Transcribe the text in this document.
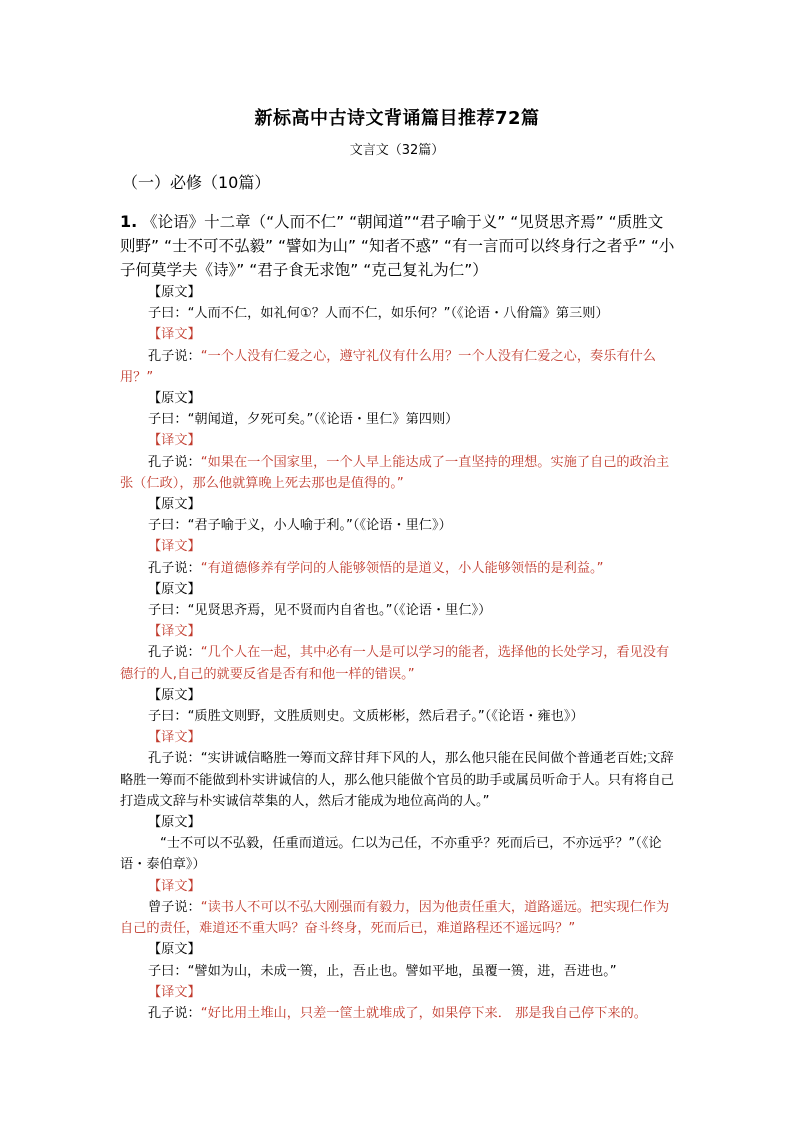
新标高中古诗文背诵篇目推荐72篇
文言文（32篇）
（一）必修（10篇）

1. 《论语》十二章（“人而不仁” “朝闻道”“君子喻于义” “见贤思齐焉” “质胜文则野” “士不可不弘毅” “譬如为山” “知者不惑” “有一言而可以终身行之者乎” “小子何莫学夫《诗》” “君子食无求饱” “克己复礼为仁”）

【原文】

子曰：“人而不仁，如礼何①？人而不仁，如乐何？”（《论语・八佾篇》第三则）

【译文】

孔子说：“一个人没有仁爱之心，遵守礼仪有什么用？一个人没有仁爱之心，奏乐有什么用？”

【原文】

子曰：“朝闻道，夕死可矣。”（《论语・里仁》第四则）

【译文】

孔子说：“如果在一个国家里，一个人早上能达成了一直坚持的理想。实施了自己的政治主张（仁政），那么他就算晚上死去那也是值得的。”

【原文】

子曰：“君子喻于义，小人喻于利。”（《论语・里仁》）

【译文】

孔子说：“有道德修养有学问的人能够领悟的是道义，小人能够领悟的是利益。”

【原文】

子曰：“见贤思齐焉，见不贤而内自省也。”（《论语・里仁》）

【译文】

孔子说：“几个人在一起，其中必有一人是可以学习的能者，选择他的长处学习，看见没有德行的人,自己的就要反省是否有和他一样的错误。”

【原文】

子曰：“质胜文则野，文胜质则史。文质彬彬，然后君子。”（《论语・雍也》）

【译文】

孔子说：“实讲诚信略胜一筹而文辞甘拜下风的人，那么他只能在民间做个普通老百姓;文辞略胜一筹而不能做到朴实讲诚信的人，那么他只能做个官员的助手或属员听命于人。只有将自己打造成文辞与朴实诚信萃集的人，然后才能成为地位高尚的人。”

【原文】

“士不可以不弘毅，任重而道远。仁以为己任，不亦重乎？死而后已，不亦远乎？”（《论语・泰伯章》）

【译文】

曾子说：“读书人不可以不弘大刚强而有毅力，因为他责任重大，道路遥远。把实现仁作为自己的责任，难道还不重大吗？奋斗终身，死而后已，难道路程还不遥远吗？”

【原文】

子曰：“譬如为山，未成一篑，止，吾止也。譬如平地，虽覆一篑，进，吾进也。”

【译文】

孔子说：“好比用土堆山，只差一筐土就堆成了，如果停下来． 那是我自己停下来的。
